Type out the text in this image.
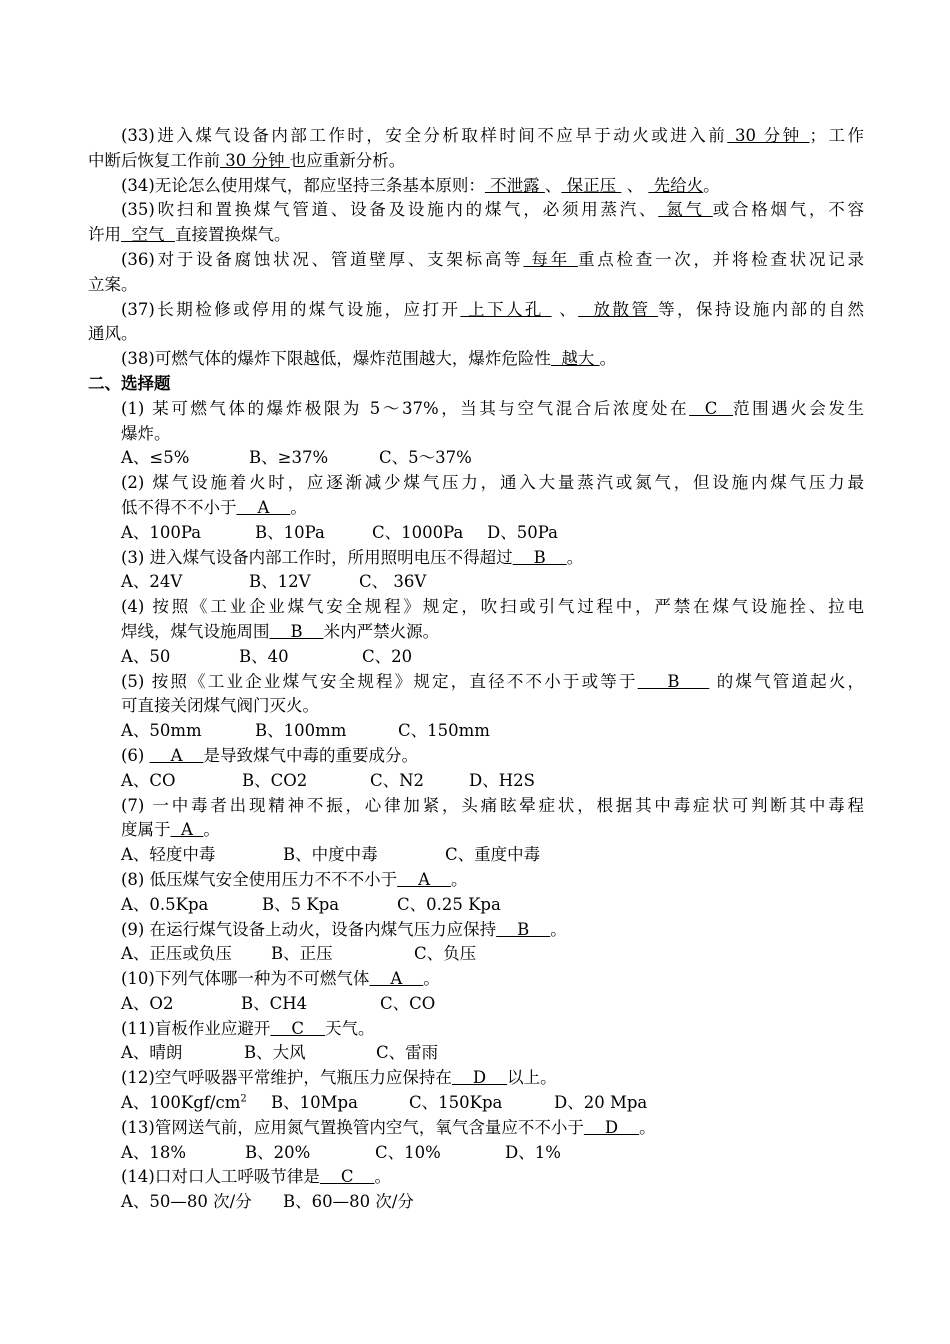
(33)进入煤气设备内部工作时，安全分析取样时间不应早于动火或进入前 30 分钟 ；工作
中断后恢复工作前 30 分钟 也应重新分析。
(34)无论怎么使用煤气，都应坚持三条基本原则： 不泄露 、 保正压  、  先给火。
(35)吹扫和置换煤气管道、设备及设施内的煤气，必须用蒸汽、 氮气 或合格烟气，不容
许用  空气  直接置换煤气。
(36)对于设备腐蚀状况、管道壁厚、支架标高等 每年 重点检查一次，并将检查状况记录
立案。
(37)长期检修或停用的煤气设施，应打开 上下人孔  、  放散管 等，保持设施内部的自然
通风。
(38)可燃气体的爆炸下限越低，爆炸范围越大，爆炸危险性  越大 。
二、选择题
(1) 某可燃气体的爆炸极限为 5～37%，当其与空气混合后浓度处在  C  范围遇火会发生
爆炸。
A、≤5%	B、≥37%	C、5～37%
(2) 煤气设施着火时，应逐渐减少煤气压力，通入大量蒸汽或氮气，但设施内煤气压力最
低不得不不小于    A    。
A、100Pa	B、10Pa	C、1000Pa D、50Pa
(3) 进入煤气设备内部工作时，所用照明电压不得超过    B    。
A、24V	B、12V	C、 36V
(4) 按照《工业企业煤气安全规程》规定，吹扫或引气过程中，严禁在煤气设施拴、拉电
焊线，煤气设施周围    B    米内严禁火源。
A、50	B、40	C、20
(5) 按照《工业企业煤气安全规程》规定，直径不不小于或等于    B     的煤气管道起火，
可直接关闭煤气阀门灭火。
A、50mm	B、100mm	C、150mm
(6)     A    是导致煤气中毒的重要成分。
A、CO	B、CO2	C、N2	D、H2S
(7) 一中毒者出现精神不振，心律加紧，头痛眩晕症状，根据其中毒症状可判断其中毒程
度属于  A  。
A、轻度中毒	B、中度中毒	C、重度中毒
(8) 低压煤气安全使用压力不不不小于    A    。
A、0.5Kpa	B、5 Kpa	C、0.25 Kpa
(9) 在运行煤气设备上动火，设备内煤气压力应保持    B    。
A、正压或负压 B、正压	C、负压
(10)下列气体哪一种为不可燃气体    A    。
A、O2	B、CH4	C、CO
(11)盲板作业应避开    C    天气。
A、晴朗	B、大风	C、雷雨
(12)空气呼吸器平常维护，气瓶压力应保持在    D    以上。
A、$100Kgf/cm^2$ B、10Mpa	C、150Kpa	D、20 Mpa
(13)管网送气前，应用氮气置换管内空气，氧气含量应不不小于    D    。
A、18%	B、20%	C、10%	D、1%
(14)口对口人工呼吸节律是    C    。
A、50—80 次/分 B、60—80 次/分
